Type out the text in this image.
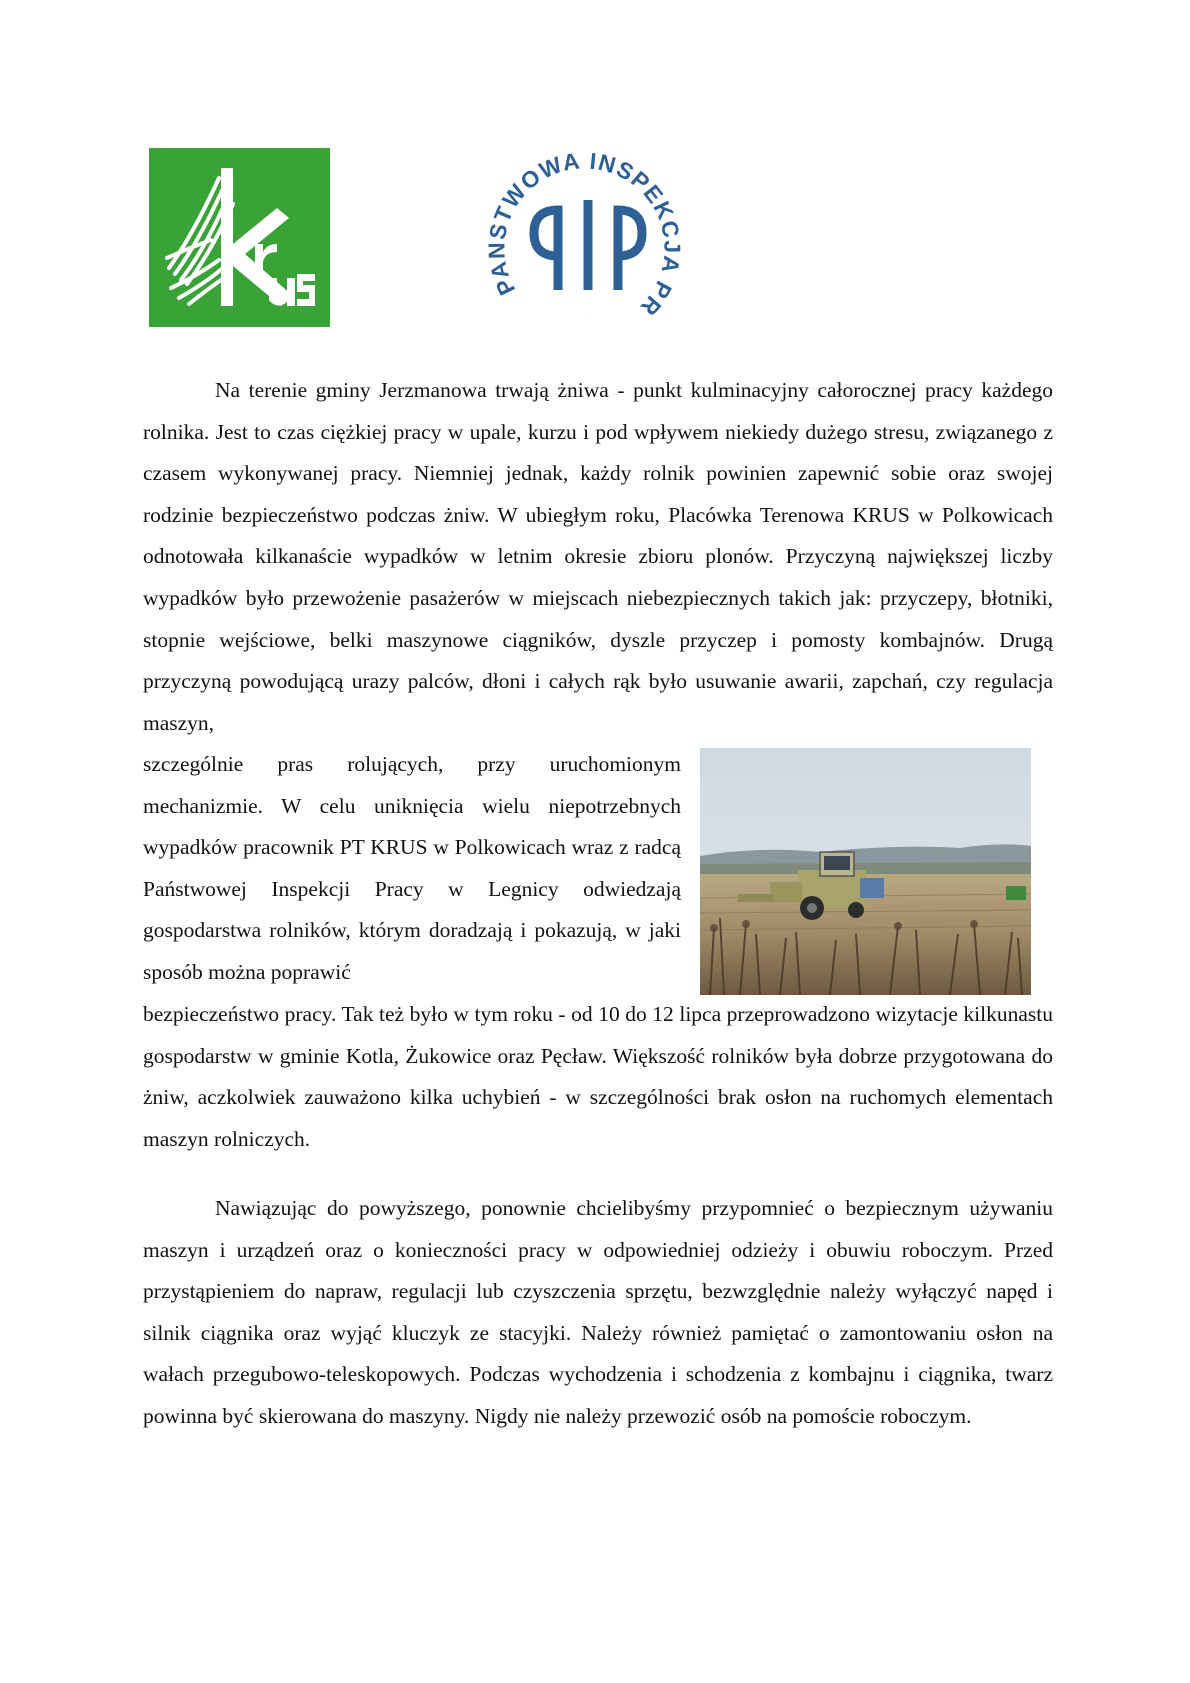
P TWOWA INSPEKCJA PR
PIP

Na terenie gminy Jerzmanowa trwają żniwa - punkt kulminacyjny całorocznej pracy każdego rolnika. Jest to czas ciężkiej pracy w upale, kurzu i pod wpływem niekiedy dużego stresu, związanego z czasem wykonywanej pracy. Niemniej jednak, każdy rolnik powinien zapewnić sobie oraz swojej rodzinie bezpieczeństwo podczas żniw. W ubiegłym roku, Placówka Terenowa KRUS w Polkowicach odnotowała kilkanaście wypadków w letnim okresie zbioru plonów. Przyczyną największej liczby wypadków było przewożenie pasażerów w miejscach niebezpiecznych takich jak: przyczepy, błotniki, stopnie wejściowe, belki maszynowe ciągników, dyszle przyczep i pomosty kombajnów. Drugą przyczyną powodującą urazy palców, dłoni i całych rąk było usuwanie awarii, zapchań, czy regulacja maszyn,

szczególnie pras rolujących, przy uruchomionym mechanizmie. W celu uniknięcia wielu niepotrzebnych wypadków pracownik PT KRUS w Polkowicach wraz z radcą Państwowej Inspekcji Pracy w Legnicy odwiedzają gospodarstwa rolników, którym doradzają i pokazują, w jaki sposób można poprawić

bezpieczeństwo pracy. Tak też było w tym roku - od 10 do 12 lipca przeprowadzono wizytacje kilkunastu gospodarstw w gminie Kotla, Żukowice oraz Pęcław. Większość rolników była dobrze przygotowana do żniw, aczkolwiek zauważono kilka uchybień - w szczególności brak osłon na ruchomych elementach maszyn rolniczych.

Nawiązując do powyższego, ponownie chcielibyśmy przypomnieć o bezpiecznym używaniu maszyn i urządzeń oraz o konieczności pracy w odpowiedniej odzieży i obuwiu roboczym. Przed przystąpieniem do napraw, regulacji lub czyszczenia sprzętu, bezwzględnie należy wyłączyć napęd i silnik ciągnika oraz wyjąć kluczyk ze stacyjki. Należy również pamiętać o zamontowaniu osłon na wałach przegubowo-teleskopowych. Podczas wychodzenia i schodzenia z kombajnu i ciągnika, twarz powinna być skierowana do maszyny. Nigdy nie należy przewozić osób na pomoście roboczym.
